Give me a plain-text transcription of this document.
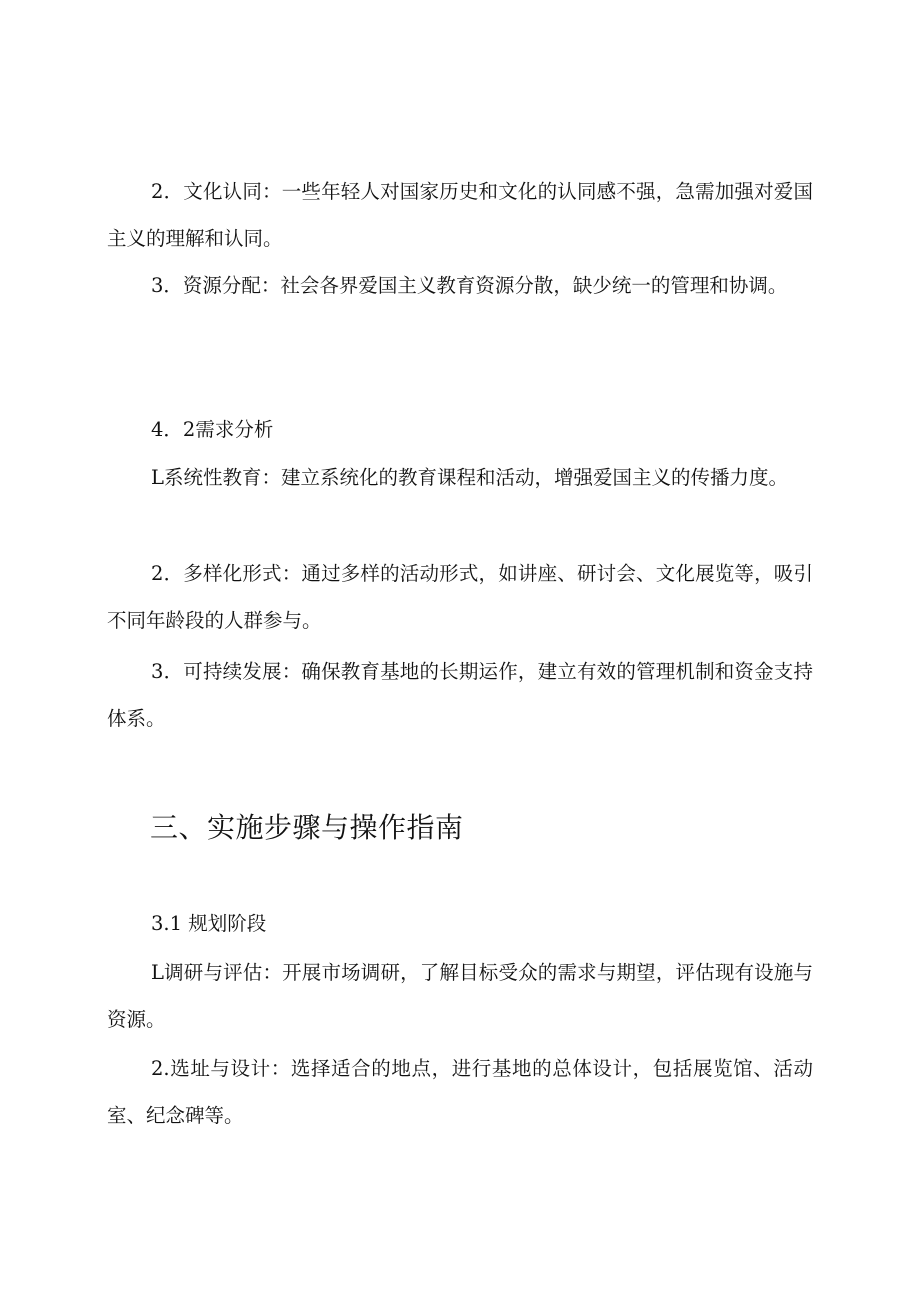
2．文化认同：一些年轻人对国家历史和文化的认同感不强，急需加强对爱国主义的理解和认同。

3．资源分配：社会各界爱国主义教育资源分散，缺少统一的管理和协调。

4．2需求分析

L系统性教育：建立系统化的教育课程和活动，增强爱国主义的传播力度。

2．多样化形式：通过多样的活动形式，如讲座、研讨会、文化展览等，吸引不同年龄段的人群参与。

3．可持续发展：确保教育基地的长期运作，建立有效的管理机制和资金支持体系。

三、实施步骤与操作指南

3.1 规划阶段

L调研与评估：开展市场调研，了解目标受众的需求与期望，评估现有设施与资源。

2.选址与设计：选择适合的地点，进行基地的总体设计，包括展览馆、活动室、纪念碑等。
